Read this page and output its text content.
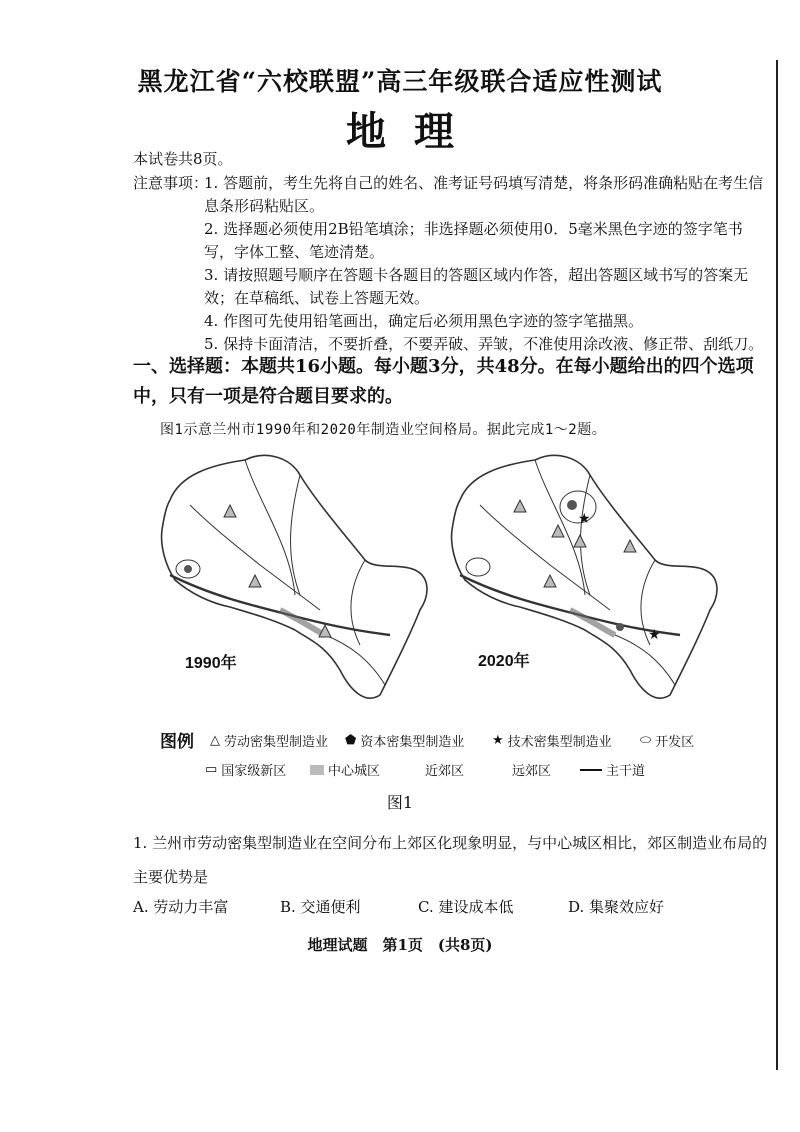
黑龙江省“六校联盟”高三年级联合适应性测试
地理
本试卷共8页。
注意事项：
1. 答题前，考生先将自己的姓名、准考证号码填写清楚，将条形码准确粘贴在考生信息条形码粘贴区。
2. 选择题必须使用2B铅笔填涂；非选择题必须使用0．5毫米黑色字迹的签字笔书写，字体工整、笔迹清楚。
3. 请按照题号顺序在答题卡各题目的答题区域内作答，超出答题区域书写的答案无效；在草稿纸、试卷上答题无效。
4. 作图可先使用铅笔画出，确定后必须用黑色字迹的签字笔描黑。
5. 保持卡面清洁，不要折叠，不要弄破、弄皱，不准使用涂改液、修正带、刮纸刀。
一、选择题：本题共16小题。每小题3分，共48分。在每小题给出的四个选项中，只有一项是符合题目要求的。
图1示意兰州市1990年和2020年制造业空间格局。据此完成1～2题。
★
★
1990年	2020年
图例 △ 劳动密集型制造业 ⬟ 资本密集型制造业 ★ 技术密集型制造业 ⬭ 开发区
▭ 国家级新区	中心城区	近郊区	远郊区	主干道
图1
1. 兰州市劳动密集型制造业在空间分布上郊区化现象明显，与中心城区相比，郊区制造业布局的主要优势是
A. 劳动力丰富	B. 交通便利	C. 建设成本低	D. 集聚效应好
地理试题　第1页　(共8页)
